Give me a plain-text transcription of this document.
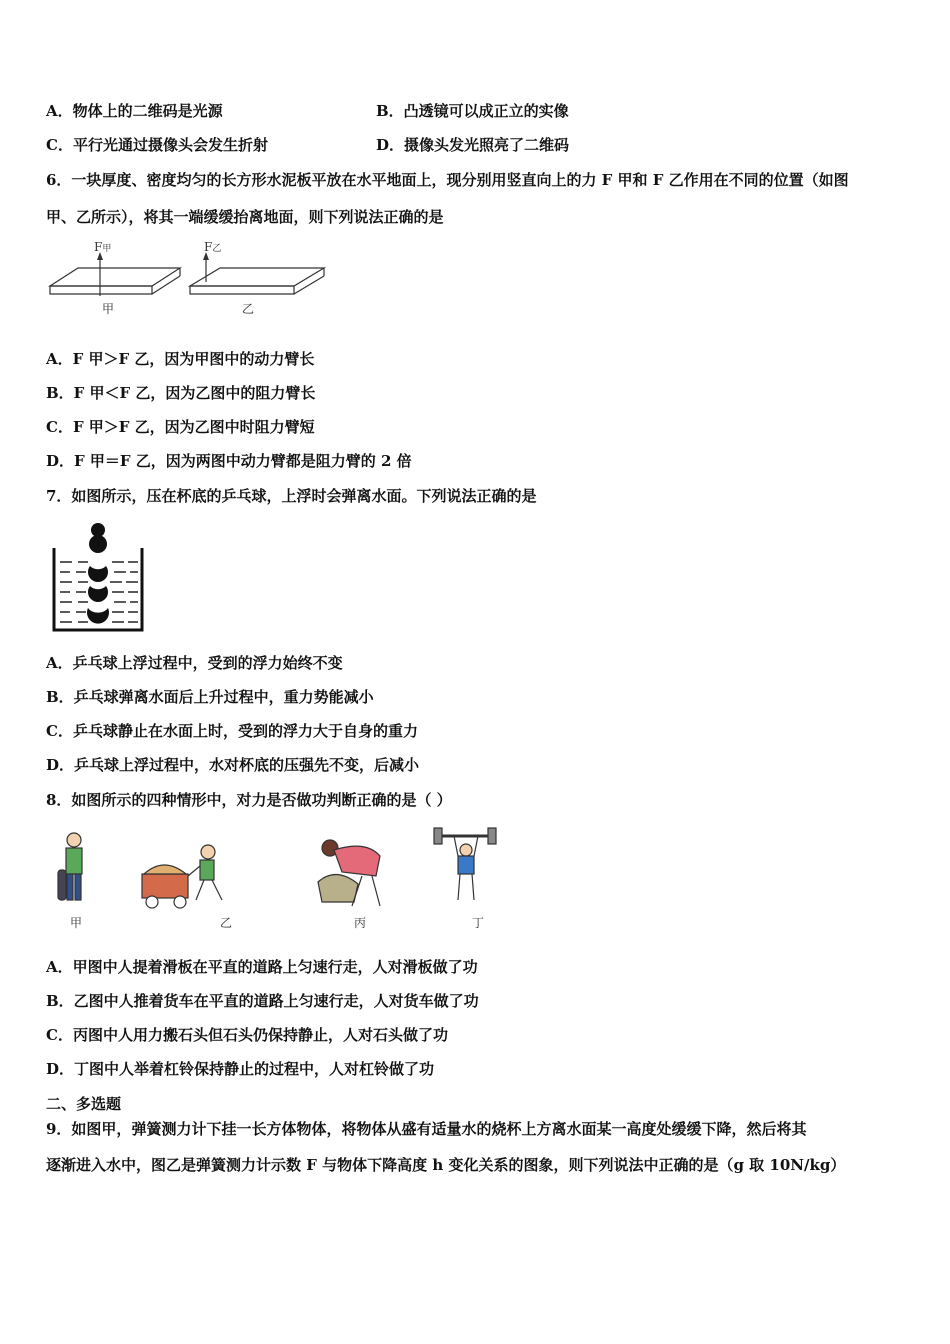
A．物体上的二维码是光源	B．凸透镜可以成正立的实像
C．平行光通过摄像头会发生折射	D．摄像头发光照亮了二维码
6．一块厚度、密度均匀的长方形水泥板平放在水平地面上，现分别用竖直向上的力 F 甲和 F 乙作用在不同的位置（如图
甲、乙所示），将其一端缓缓抬离地面，则下列说法正确的是
F甲	F乙
甲	乙
A．F 甲＞F 乙，因为甲图中的动力臂长
B．F 甲＜F 乙，因为乙图中的阻力臂长
C．F 甲＞F 乙，因为乙图中时阻力臂短
D．F 甲＝F 乙，因为两图中动力臂都是阻力臂的 2 倍
7．如图所示，压在杯底的乒乓球，上浮时会弹离水面。下列说法正确的是
A．乒乓球上浮过程中，受到的浮力始终不变
B．乒乓球弹离水面后上升过程中，重力势能减小
C．乒乓球静止在水面上时，受到的浮力大于自身的重力
D．乒乓球上浮过程中，水对杯底的压强先不变，后减小
8．如图所示的四种情形中，对力是否做功判断正确的是（ ）
甲	乙	丙	丁
A．甲图中人提着滑板在平直的道路上匀速行走，人对滑板做了功
B．乙图中人推着货车在平直的道路上匀速行走，人对货车做了功
C．丙图中人用力搬石头但石头仍保持静止，人对石头做了功
D．丁图中人举着杠铃保持静止的过程中，人对杠铃做了功
二、多选题
9．如图甲，弹簧测力计下挂一长方体物体，将物体从盛有适量水的烧杯上方离水面某一高度处缓缓下降，然后将其
逐渐进入水中，图乙是弹簧测力计示数 F 与物体下降高度 h 变化关系的图象，则下列说法中正确的是（g 取 10N/kg）
